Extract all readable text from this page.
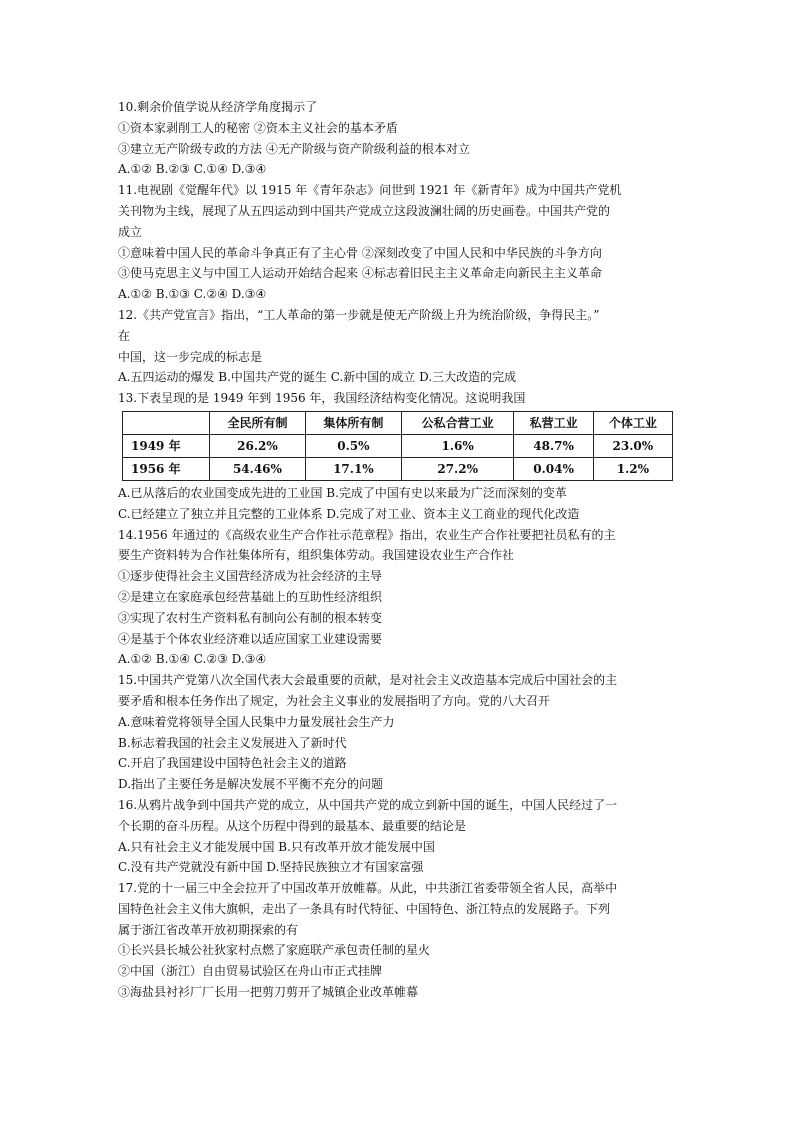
10.剩余价值学说从经济学角度揭示了
①资本家剥削工人的秘密 ②资本主义社会的基本矛盾
③建立无产阶级专政的方法 ④无产阶级与资产阶级利益的根本对立
A.①② B.②③ C.①④ D.③④
11.电视剧《觉醒年代》以 1915 年《青年杂志》问世到 1921 年《新青年》成为中国共产党机
关刊物为主线，展现了从五四运动到中国共产党成立这段波澜壮阔的历史画卷。中国共产党的
成立
①意味着中国人民的革命斗争真正有了主心骨 ②深刻改变了中国人民和中华民族的斗争方向
③使马克思主义与中国工人运动开始结合起来 ④标志着旧民主主义革命走向新民主主义革命
A.①② B.①③ C.②④ D.③④
12.《共产党宣言》指出，“工人革命的第一步就是使无产阶级上升为统治阶级，争得民主。”
在
中国，这一步完成的标志是
A.五四运动的爆发 B.中国共产党的诞生 C.新中国的成立 D.三大改造的完成
13.下表呈现的是 1949 年到 1956 年，我国经济结构变化情况。这说明我国
	全民所有制	集体所有制	公私合营工业	私营工业	个体工业
1949 年	26.2%	0.5%	1.6%	48.7%	23.0%
1956 年	54.46%	17.1%	27.2%	0.04%	1.2%
A.已从落后的农业国变成先进的工业国 B.完成了中国有史以来最为广泛而深刻的变革
C.已经建立了独立并且完整的工业体系 D.完成了对工业、资本主义工商业的现代化改造
14.1956 年通过的《高级农业生产合作社示范章程》指出，农业生产合作社要把社员私有的主
要生产资料转为合作社集体所有，组织集体劳动。我国建设农业生产合作社
①逐步使得社会主义国营经济成为社会经济的主导
②是建立在家庭承包经营基础上的互助性经济组织
③实现了农村生产资料私有制向公有制的根本转变
④是基于个体农业经济难以适应国家工业建设需要
A.①② B.①④ C.②③ D.③④
15.中国共产党第八次全国代表大会最重要的贡献，是对社会主义改造基本完成后中国社会的主
要矛盾和根本任务作出了规定，为社会主义事业的发展指明了方向。党的八大召开
A.意味着党将领导全国人民集中力量发展社会生产力
B.标志着我国的社会主义发展进入了新时代
C.开启了我国建设中国特色社会主义的道路
D.指出了主要任务是解决发展不平衡不充分的问题
16.从鸦片战争到中国共产党的成立，从中国共产党的成立到新中国的诞生，中国人民经过了一
个长期的奋斗历程。从这个历程中得到的最基本、最重要的结论是
A.只有社会主义才能发展中国 B.只有改革开放才能发展中国
C.没有共产党就没有新中国 D.坚持民族独立才有国家富强
17.党的十一届三中全会拉开了中国改革开放帷幕。从此，中共浙江省委带领全省人民，高举中
国特色社会主义伟大旗帜，走出了一条具有时代特征、中国特色、浙江特点的发展路子。下列
属于浙江省改革开放初期探索的有
①长兴县长城公社狄家村点燃了家庭联产承包责任制的星火
②中国（浙江）自由贸易试验区在舟山市正式挂牌
③海盐县衬衫厂厂长用一把剪刀剪开了城镇企业改革帷幕
